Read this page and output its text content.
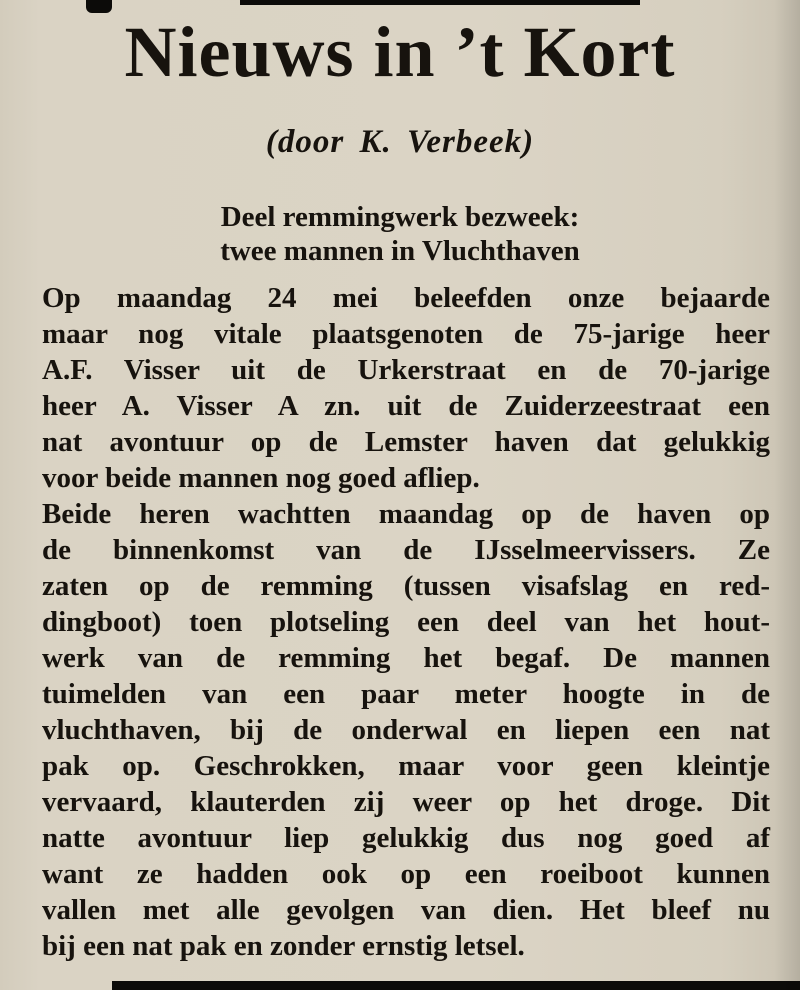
Nieuws in ’t Kort
(door K. Verbeek)
Deel remmingwerk bezweek:
twee mannen in Vluchthaven
Op maandag 24 mei beleefden onze bejaarde
maar nog vitale plaatsgenoten de 75-jarige heer
A.F. Visser uit de Urkerstraat en de 70-jarige
heer A. Visser A zn. uit de Zuiderzeestraat een
nat avontuur op de Lemster haven dat gelukkig
voor beide mannen nog goed afliep.
Beide heren wachtten maandag op de haven op
de binnenkomst van de IJsselmeervissers. Ze
zaten op de remming (tussen visafslag en red-
dingboot) toen plotseling een deel van het hout-
werk van de remming het begaf. De mannen
tuimelden van een paar meter hoogte in de
vluchthaven, bij de onderwal en liepen een nat
pak op. Geschrokken, maar voor geen kleintje
vervaard, klauterden zij weer op het droge. Dit
natte avontuur liep gelukkig dus nog goed af
want ze hadden ook op een roeiboot kunnen
vallen met alle gevolgen van dien. Het bleef nu
bij een nat pak en zonder ernstig letsel.
